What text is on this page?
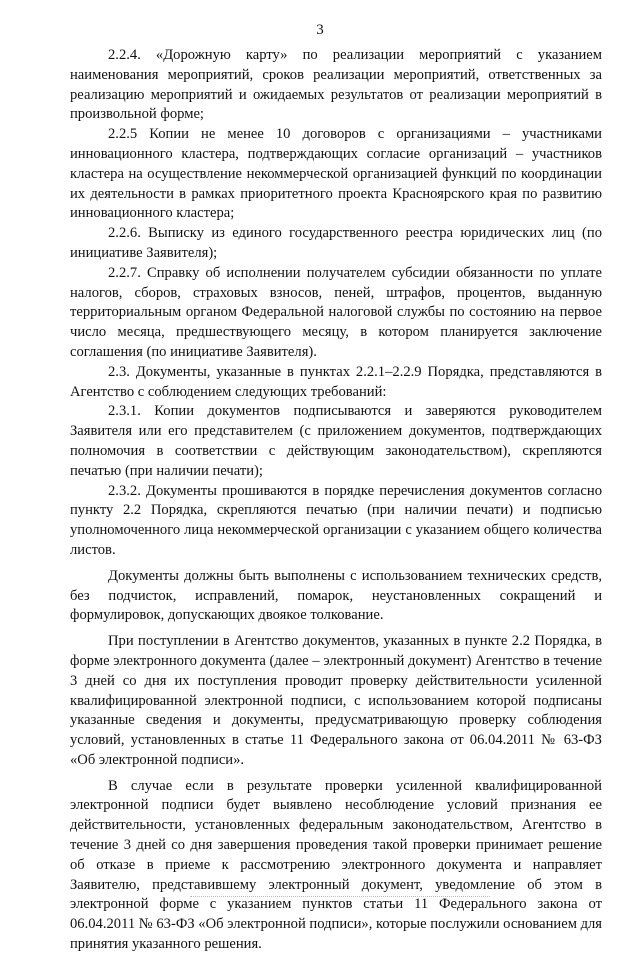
3

2.2.4. «Дорожную карту» по реализации мероприятий с указанием наименования мероприятий, сроков реализации мероприятий, ответственных за реализацию мероприятий и ожидаемых результатов от реализации мероприятий в произвольной форме;

2.2.5 Копии не менее 10 договоров с организациями – участниками инновационного кластера, подтверждающих согласие организаций – участников кластера на осуществление некоммерческой организацией функций по координации их деятельности в рамках приоритетного проекта Красноярского края по развитию инновационного кластера;

2.2.6. Выписку из единого государственного реестра юридических лиц (по инициативе Заявителя);

2.2.7. Справку об исполнении получателем субсидии обязанности по уплате налогов, сборов, страховых взносов, пеней, штрафов, процентов, выданную территориальным органом Федеральной налоговой службы по состоянию на первое число месяца, предшествующего месяцу, в котором планируется заключение соглашения (по инициативе Заявителя).

2.3. Документы, указанные в пунктах 2.2.1–2.2.9 Порядка, представляются в Агентство с соблюдением следующих требований:

2.3.1. Копии документов подписываются и заверяются руководителем Заявителя или его представителем (с приложением документов, подтверждающих полномочия в соответствии с действующим законодательством), скрепляются печатью (при наличии печати);

2.3.2. Документы прошиваются в порядке перечисления документов согласно пункту 2.2 Порядка, скрепляются печатью (при наличии печати) и подписью уполномоченного лица некоммерческой организации с указанием общего количества листов.

Документы должны быть выполнены с использованием технических средств, без подчисток, исправлений, помарок, неустановленных сокращений и формулировок, допускающих двоякое толкование.

При поступлении в Агентство документов, указанных в пункте 2.2 Порядка, в форме электронного документа (далее – электронный документ) Агентство в течение 3 дней со дня их поступления проводит проверку действительности усиленной квалифицированной электронной подписи, с использованием которой подписаны указанные сведения и документы, предусматривающую проверку соблюдения условий, установленных в статье 11 Федерального закона от 06.04.2011 № 63-ФЗ «Об электронной подписи».

В случае если в результате проверки усиленной квалифицированной электронной подписи будет выявлено несоблюдение условий признания ее действительности, установленных федеральным законодательством, Агентство в течение 3 дней со дня завершения проведения такой проверки принимает решение об отказе в приеме к рассмотрению электронного документа и направляет Заявителю, представившему электронный документ, уведомление об этом в электронной форме с указанием пунктов статьи 11 Федерального закона от 06.04.2011 № 63-ФЗ «Об электронной подписи», которые послужили основанием для принятия указанного решения.
